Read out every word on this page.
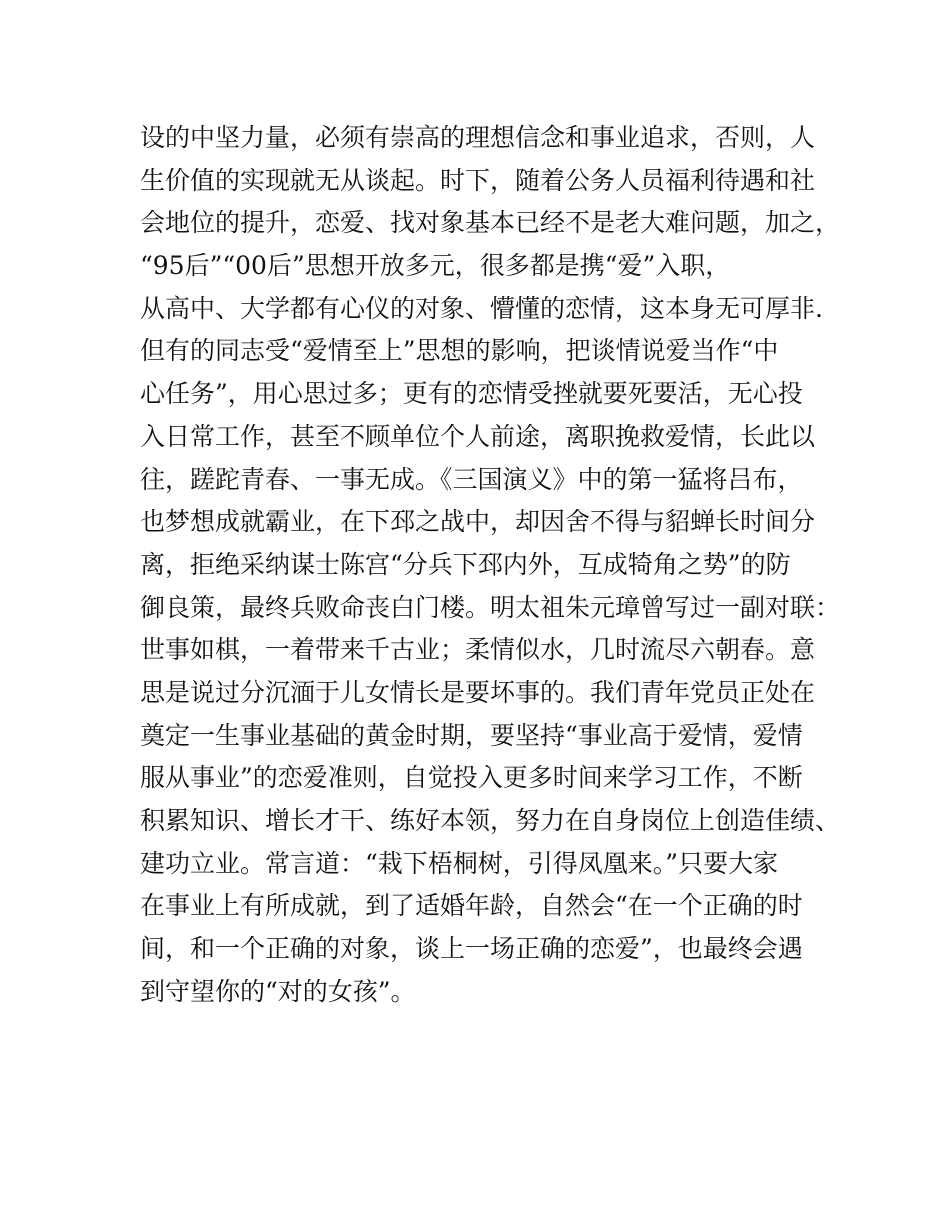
设的中坚力量，必须有崇高的理想信念和事业追求，否则，人
生价值的实现就无从谈起。时下，随着公务人员福利待遇和社
会地位的提升，恋爱、找对象基本已经不是老大难问题，加之，
“95后”“00后”思想开放多元，很多都是携“爱”入职，
从高中、大学都有心仪的对象、懵懂的恋情，这本身无可厚非.
但有的同志受“爱情至上”思想的影响，把谈情说爱当作“中
心任务”，用心思过多；更有的恋情受挫就要死要活，无心投
入日常工作，甚至不顾单位个人前途，离职挽救爱情，长此以
往，蹉跎青春、一事无成。《三国演义》中的第一猛将吕布，
也梦想成就霸业，在下邳之战中，却因舍不得与貂蝉长时间分
离，拒绝采纳谋士陈宫“分兵下邳内外，互成犄角之势”的防
御良策，最终兵败命丧白门楼。明太祖朱元璋曾写过一副对联：
世事如棋，一着带来千古业；柔情似水，几时流尽六朝春。意
思是说过分沉湎于儿女情长是要坏事的。我们青年党员正处在
奠定一生事业基础的黄金时期，要坚持“事业高于爱情，爱情
服从事业”的恋爱准则，自觉投入更多时间来学习工作，不断
积累知识、增长才干、练好本领，努力在自身岗位上创造佳绩、
建功立业。常言道：“栽下梧桐树，引得凤凰来。”只要大家
在事业上有所成就，到了适婚年龄，自然会“在一个正确的时
间，和一个正确的对象，谈上一场正确的恋爱”，也最终会遇
到守望你的“对的女孩”。
